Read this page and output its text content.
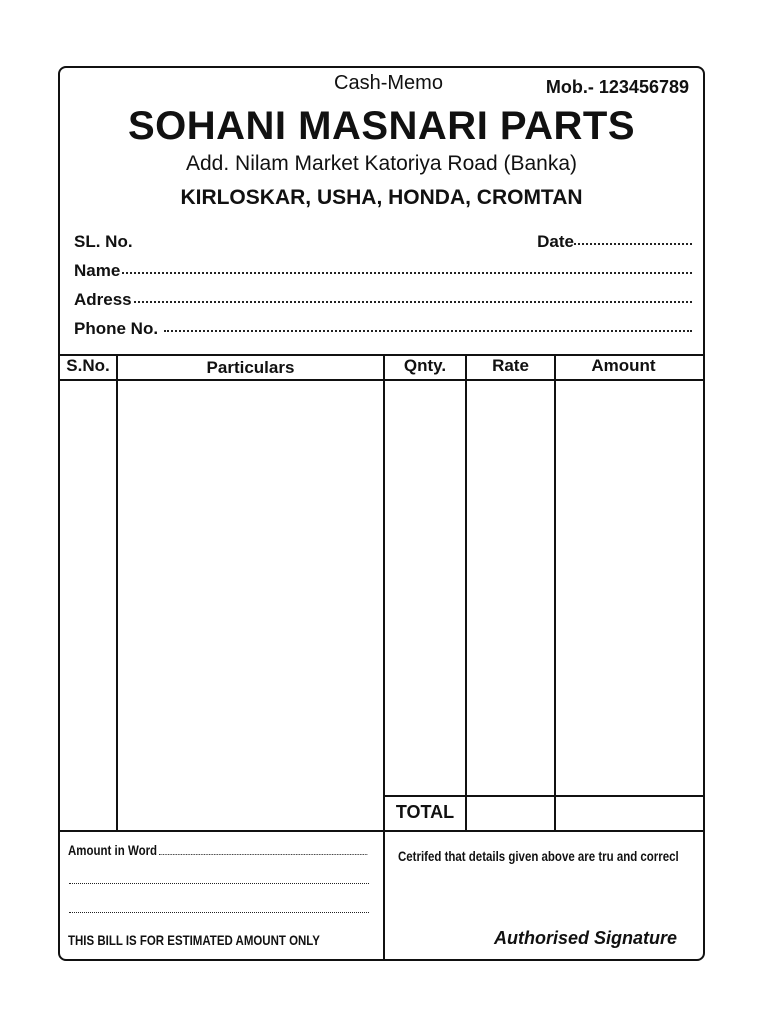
Cash-Memo	Mob.- 123456789
SOHANI MASNARI PARTS
Add. Nilam Market Katoriya Road (Banka)
KIRLOSKAR, USHA, HONDA, CROMTAN
SL. No.	Date
Name
Adress
Phone No.
S.No.	Particulars	Qnty.	Rate	Amount
TOTAL
Amount in Word
THIS BILL IS FOR ESTIMATED AMOUNT ONLY
Cetrifed that details given above are tru and correcl
Authorised Signature
